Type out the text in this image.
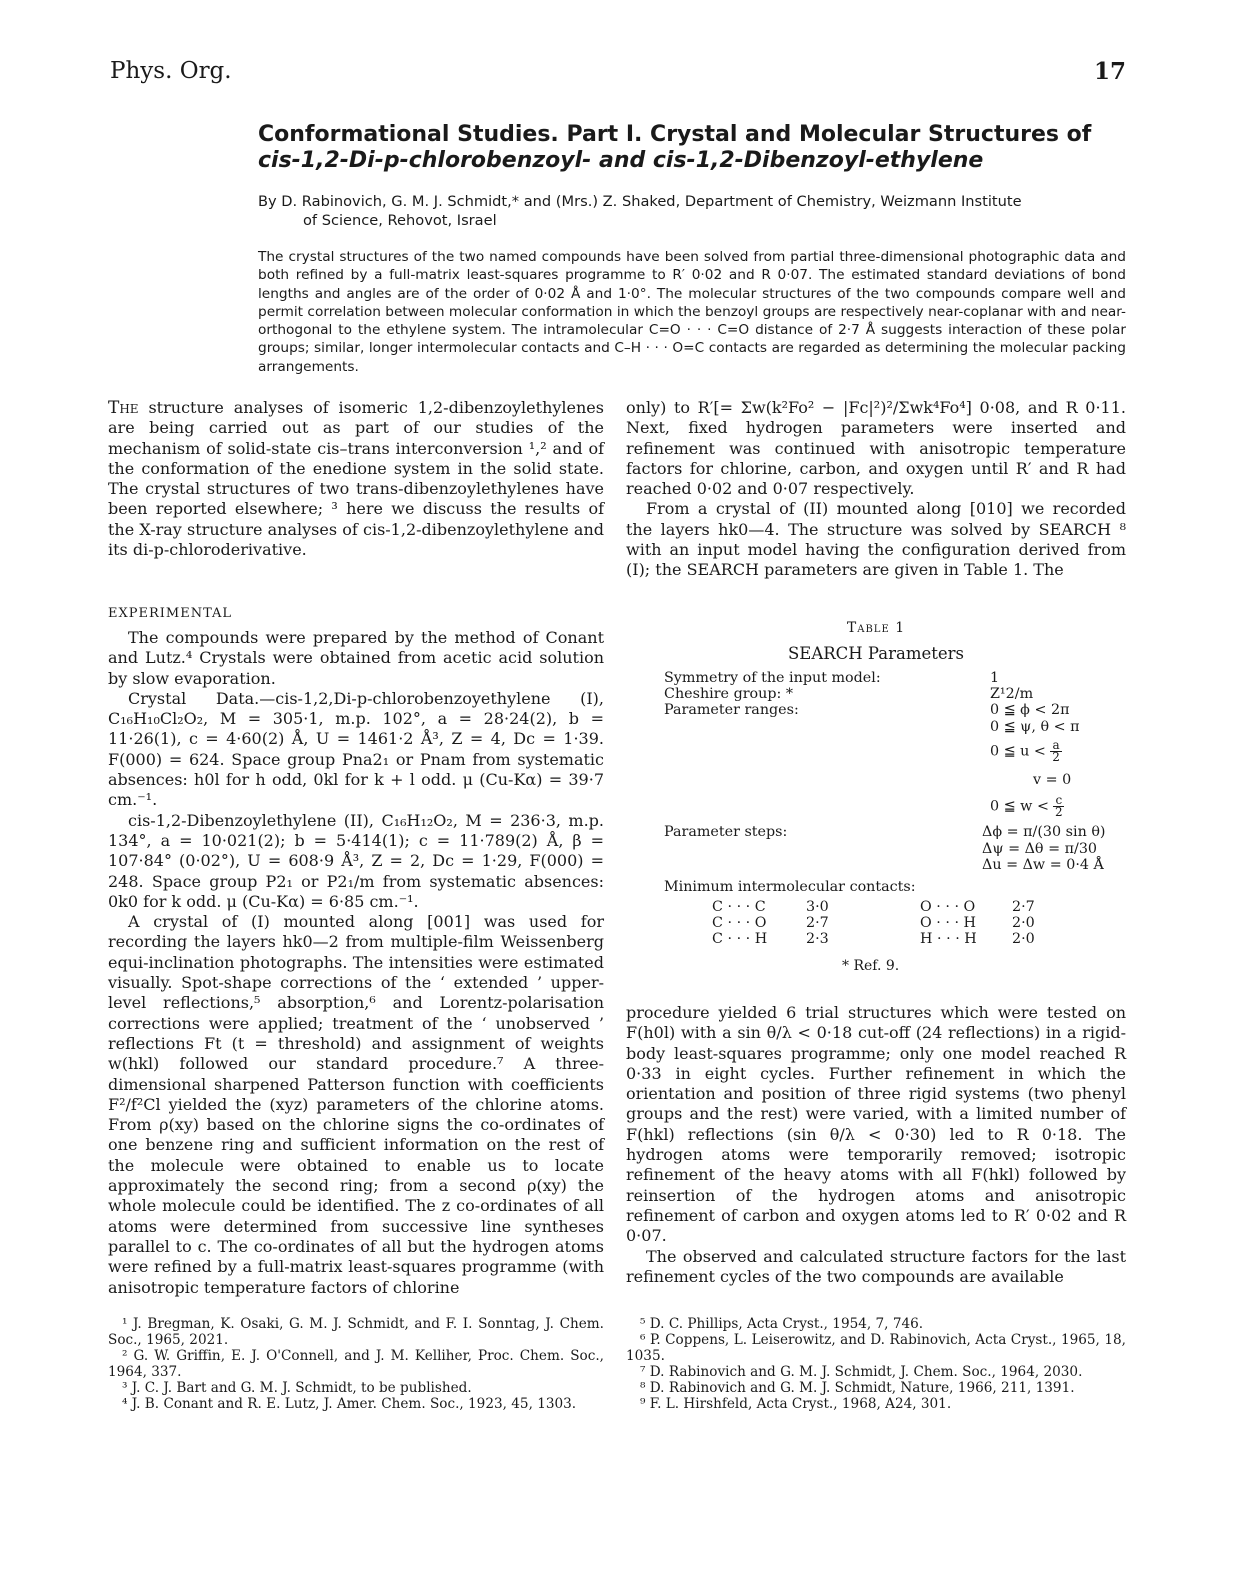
Phys. Org.	17
Conformational Studies. Part I. Crystal and Molecular Structures of
cis-1,2-Di-p-chlorobenzoyl- and cis-1,2-Dibenzoyl-ethylene
By D. Rabinovich, G. M. J. Schmidt,* and (Mrs.) Z. Shaked, Department of Chemistry, Weizmann Institute
of Science, Rehovot, Israel
The crystal structures of the two named compounds have been solved from partial three-dimensional photographic data and both refined by a full-matrix least-squares programme to R′ 0·02 and R 0·07. The estimated standard deviations of bond lengths and angles are of the order of 0·02 Å and 1·0°. The molecular structures of the two compounds compare well and permit correlation between molecular conformation in which the benzoyl groups are respectively near-coplanar with and near-orthogonal to the ethylene system. The intramolecular C=O · · · C=O distance of 2·7 Å suggests interaction of these polar groups; similar, longer intermolecular contacts and C–H · · · O=C contacts are regarded as determining the molecular packing arrangements.

The structure analyses of isomeric 1,2-dibenzoylethylenes are being carried out as part of our studies of the mechanism of solid-state cis–trans interconversion ¹,² and of the conformation of the enedione system in the solid state. The crystal structures of two trans-dibenzoylethylenes have been reported elsewhere; ³ here we discuss the results of the X-ray structure analyses of cis-1,2-dibenzoylethylene and its di-p-chloroderivative.

EXPERIMENTAL

The compounds were prepared by the method of Conant and Lutz.⁴ Crystals were obtained from acetic acid solution by slow evaporation.

Crystal Data.—cis-1,2,Di-p-chlorobenzoyethylene (I), C₁₆H₁₀Cl₂O₂, M = 305·1, m.p. 102°, a = 28·24(2), b = 11·26(1), c = 4·60(2) Å, U = 1461·2 Å³, Z = 4, Dc = 1·39. F(000) = 624. Space group Pna2₁ or Pnam from systematic absences: h0l for h odd, 0kl for k + l odd. μ (Cu-Kα) = 39·7 cm.⁻¹.

cis-1,2-Dibenzoylethylene (II), C₁₆H₁₂O₂, M = 236·3, m.p. 134°, a = 10·021(2); b = 5·414(1); c = 11·789(2) Å, β = 107·84° (0·02°), U = 608·9 Å³, Z = 2, Dc = 1·29, F(000) = 248. Space group P2₁ or P2₁/m from systematic absences: 0k0 for k odd. μ (Cu-Kα) = 6·85 cm.⁻¹.

A crystal of (I) mounted along [001] was used for recording the layers hk0—2 from multiple-film Weissenberg equi-inclination photographs. The intensities were estimated visually. Spot-shape corrections of the ‘ extended ’ upper-level reflections,⁵ absorption,⁶ and Lorentz-polarisation corrections were applied; treatment of the ‘ unobserved ’ reflections Ft (t = threshold) and assignment of weights w(hkl) followed our standard procedure.⁷ A three-dimensional sharpened Patterson function with coefficients F²/f²Cl yielded the (xyz) parameters of the chlorine atoms. From ρ(xy) based on the chlorine signs the co-ordinates of one benzene ring and sufficient information on the rest of the molecule were obtained to enable us to locate approximately the second ring; from a second ρ(xy) the whole molecule could be identified. The z co-ordinates of all atoms were determined from successive line syntheses parallel to c. The co-ordinates of all but the hydrogen atoms were refined by a full-matrix least-squares programme (with anisotropic temperature factors of chlorine

only) to R′[= Σw(k²Fo² − |Fc|²)²/Σwk⁴Fo⁴] 0·08, and R 0·11. Next, fixed hydrogen parameters were inserted and refinement was continued with anisotropic temperature factors for chlorine, carbon, and oxygen until R′ and R had reached 0·02 and 0·07 respectively.

From a crystal of (II) mounted along [010] we recorded the layers hk0—4. The structure was solved by SEARCH ⁸ with an input model having the configuration derived from (I); the SEARCH parameters are given in Table 1. The

Table 1
SEARCH Parameters
Symmetry of the input model:	1
Cheshire group: *	Z¹2/m
Parameter ranges:	0 ≦ ϕ < 2π
0 ≦ ψ, θ < π
0 ≦ $u < \frac{a}{2}$
v = 0
0 ≦ $w < \frac{c}{2}$
Parameter steps:	Δϕ = π/(30 sin θ)
Δψ = Δθ = π/30
Δu = Δw = 0·4 Å
Minimum intermolecular contacts:
C · · · C	3·0	O · · · O	2·7
C · · · O	2·7	O · · · H	2·0
C · · · H	2·3	H · · · H	2·0
* Ref. 9.

procedure yielded 6 trial structures which were tested on F(h0l) with a sin θ/λ < 0·18 cut-off (24 reflections) in a rigid-body least-squares programme; only one model reached R 0·33 in eight cycles. Further refinement in which the orientation and position of three rigid systems (two phenyl groups and the rest) were varied, with a limited number of F(hkl) reflections (sin θ/λ < 0·30) led to R 0·18. The hydrogen atoms were temporarily removed; isotropic refinement of the heavy atoms with all F(hkl) followed by reinsertion of the hydrogen atoms and anisotropic refinement of carbon and oxygen atoms led to R′ 0·02 and R 0·07.

The observed and calculated structure factors for the last refinement cycles of the two compounds are available

¹ J. Bregman, K. Osaki, G. M. J. Schmidt, and F. I. Sonntag, J. Chem. Soc., 1965, 2021.

² G. W. Griffin, E. J. O'Connell, and J. M. Kelliher, Proc. Chem. Soc., 1964, 337.

³ J. C. J. Bart and G. M. J. Schmidt, to be published.

⁴ J. B. Conant and R. E. Lutz, J. Amer. Chem. Soc., 1923, 45, 1303.

⁵ D. C. Phillips, Acta Cryst., 1954, 7, 746.

⁶ P. Coppens, L. Leiserowitz, and D. Rabinovich, Acta Cryst., 1965, 18, 1035.

⁷ D. Rabinovich and G. M. J. Schmidt, J. Chem. Soc., 1964, 2030.

⁸ D. Rabinovich and G. M. J. Schmidt, Nature, 1966, 211, 1391.

⁹ F. L. Hirshfeld, Acta Cryst., 1968, A24, 301.
